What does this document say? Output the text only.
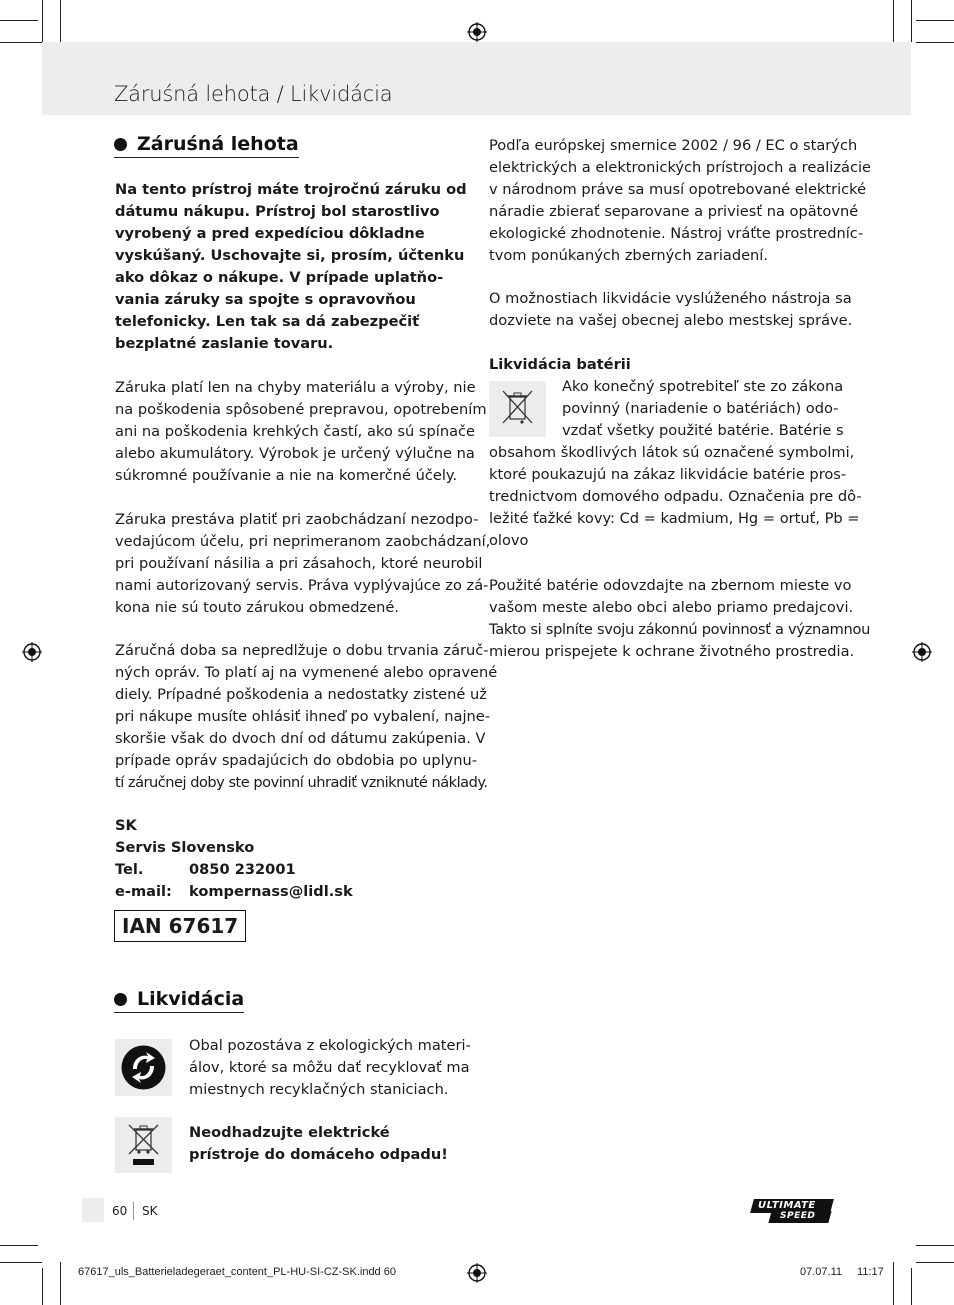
Záruśná lehota / Likvidácia
Záruśná lehota
Na tento prístroj máte trojročnú záruku od
dátumu nákupu. Prístroj bol starostlivo
vyrobený a pred expedíciou dôkladne
vyskúšaný. Uschovajte si, prosím, účtenku
ako dôkaz o nákupe. V prípade uplatňo-
vania záruky sa spojte s opravovňou
telefonicky. Len tak sa dá zabezpečiť
bezplatné zaslanie tovaru.
Záruka platí len na chyby materiálu a výroby, nie
na poškodenia spôsobené prepravou, opotrebením
ani na poškodenia krehkých častí, ako sú spínače
alebo akumulátory. Výrobok je určený výlučne na
súkromné používanie a nie na komerčné účely.
Záruka prestáva platiť pri zaobchádzaní nezodpo-
vedajúcom účelu, pri neprimeranom zaobchádzaní,
pri používaní násilia a pri zásahoch, ktoré neurobil
nami autorizovaný servis. Práva vyplývajúce zo zá-
kona nie sú touto zárukou obmedzené.
Záručná doba sa nepredlžuje o dobu trvania záruč-
ných opráv. To platí aj na vymenené alebo opravené
diely. Prípadné poškodenia a nedostatky zistené už
pri nákupe musíte ohlásiť ihneď po vybalení, najne-
skoršie však do dvoch dní od dátumu zakúpenia. V
prípade opráv spadajúcich do obdobia po uplynu-
tí záručnej doby ste povinní uhradiť vzniknuté náklady.
SK
Servis Slovensko
Tel.	0850 232001
e-mail:	kompernass@lidl.sk
IAN 67617
Likvidácia
Obal pozostáva z ekologických materi-
álov, ktoré sa môžu dať recyklovať ma
miestnych recyklačných staniciach.
Neodhadzujte elektrické
prístroje do domáceho odpadu!
Podľa európskej smernice 2002 / 96 / EC o starých
elektrických a elektronických prístrojoch a realizácie
v národnom práve sa musí opotrebované elektrické
náradie zbierať separovane a priviesť na opätovné
ekologické zhodnotenie. Nástroj vráťte prostredníc-
tvom ponúkaných zberných zariadení.
O možnostiach likvidácie vyslúženého nástroja sa
dozviete na vašej obecnej alebo mestskej správe.
Likvidácia batérii
Ako konečný spotrebiteľ ste zo zákona
povinný (nariadenie o batériách) odo-
vzdať všetky použité batérie. Batérie s
obsahom škodlivých látok sú označené symbolmi,
ktoré poukazujú na zákaz likvidácie batérie pros-
trednictvom domového odpadu. Označenia pre dô-
ležité ťažké kovy: Cd = kadmium, Hg = ortuť, Pb =
olovo
Použité batérie odovzdajte na zbernom mieste vo
vašom meste alebo obci alebo priamo predajcovi.
Takto si splníte svoju zákonnú povinnosť a významnou
mierou prispejete k ochrane životného prostredia.
60 SK	ULTIMATE
SPEED
67617_uls_Batterieladegeraet_content_PL-HU-SI-CZ-SK.indd 60	07.07.11 11:17
